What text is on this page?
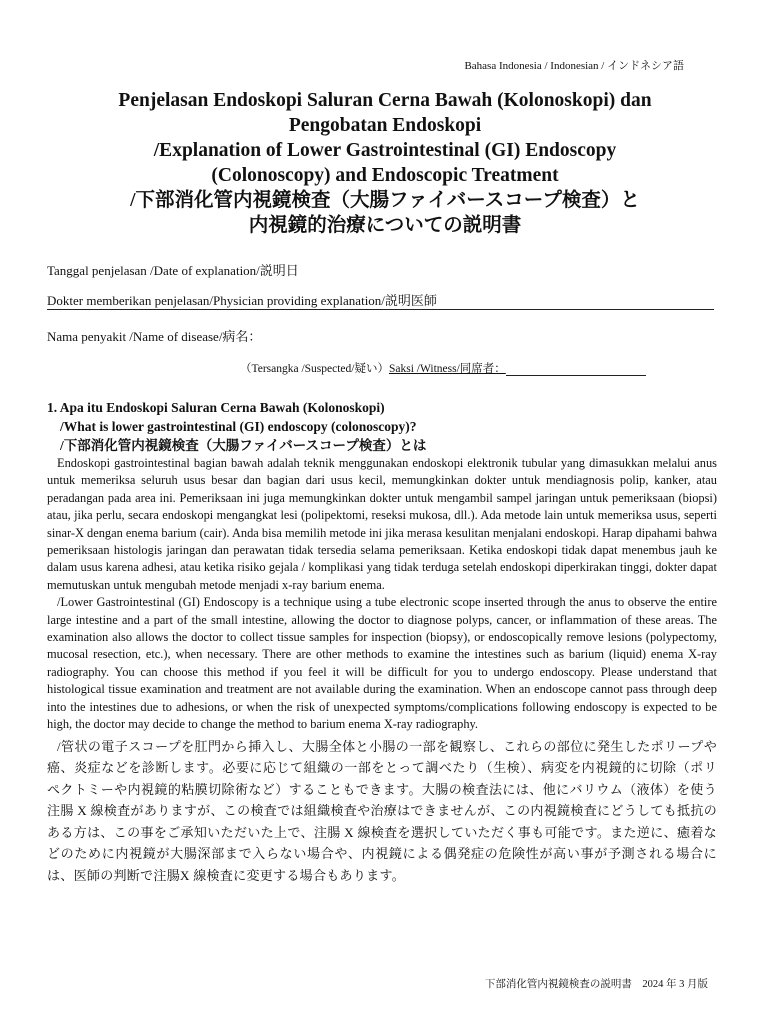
Bahasa Indonesia / Indonesian / インドネシア語
Penjelasan Endoskopi Saluran Cerna Bawah (Kolonoskopi) dan
Pengobatan Endoskopi
/Explanation of Lower Gastrointestinal (GI) Endoscopy
(Colonoscopy) and Endoscopic Treatment
/下部消化管内視鏡検査（大腸ファイバースコープ検査）と
内視鏡的治療についての説明書
Tanggal penjelasan /Date of explanation/説明日
Dokter memberikan penjelasan/Physician providing explanation/説明医師
Nama penyakit /Name of disease/病名：
（Tersangka /Suspected/疑い）Saksi /Witness/同席者：
1. Apa itu Endoskopi Saluran Cerna Bawah (Kolonoskopi)
/What is lower gastrointestinal (GI) endoscopy (colonoscopy)?
/下部消化管内視鏡検査（大腸ファイバースコープ検査）とは

Endoskopi gastrointestinal bagian bawah adalah teknik menggunakan endoskopi elektronik tubular yang dimasukkan melalui anus untuk memeriksa seluruh usus besar dan bagian dari usus kecil, memungkinkan dokter untuk mendiagnosis polip, kanker, atau peradangan pada area ini. Pemeriksaan ini juga memungkinkan dokter untuk mengambil sampel jaringan untuk pemeriksaan (biopsi) atau, jika perlu, secara endoskopi mengangkat lesi (polipektomi, reseksi mukosa, dll.). Ada metode lain untuk memeriksa usus, seperti sinar-X dengan enema barium (cair). Anda bisa memilih metode ini jika merasa kesulitan menjalani endoskopi. Harap dipahami bahwa pemeriksaan histologis jaringan dan perawatan tidak tersedia selama pemeriksaan. Ketika endoskopi tidak dapat menembus jauh ke dalam usus karena adhesi, atau ketika risiko gejala / komplikasi yang tidak terduga setelah endoskopi diperkirakan tinggi, dokter dapat memutuskan untuk mengubah metode menjadi x-ray barium enema.

/Lower Gastrointestinal (GI) Endoscopy is a technique using a tube electronic scope inserted through the anus to observe the entire large intestine and a part of the small intestine, allowing the doctor to diagnose polyps, cancer, or inflammation of these areas. The examination also allows the doctor to collect tissue samples for inspection (biopsy), or endoscopically remove lesions (polypectomy, mucosal resection, etc.), when necessary. There are other methods to examine the intestines such as barium (liquid) enema X-ray radiography. You can choose this method if you feel it will be difficult for you to undergo endoscopy. Please understand that histological tissue examination and treatment are not available during the examination. When an endoscope cannot pass through deep into the intestines due to adhesions, or when the risk of unexpected symptoms/complications following endoscopy is expected to be high, the doctor may decide to change the method to barium enema X-ray radiography.

/管状の電子スコープを肛門から挿入し、大腸全体と小腸の一部を観察し、これらの部位に発生したポリープや癌、炎症などを診断します。必要に応じて組織の一部をとって調べたり（生検）、病変を内視鏡的に切除（ポリペクトミーや内視鏡的粘膜切除術など）することもできます。大腸の検査法には、他にバリウム（液体）を使う注腸 X 線検査がありますが、この検査では組織検査や治療はできませんが、この内視鏡検査にどうしても抵抗のある方は、この事をご承知いただいた上で、注腸 X 線検査を選択していただく事も可能です。また逆に、癒着などのために内視鏡が大腸深部まで入らない場合や、内視鏡による偶発症の危険性が高い事が予測される場合には、医師の判断で注腸X 線検査に変更する場合もあります。

下部消化管内視鏡検査の説明書　2024 年 3 月版
